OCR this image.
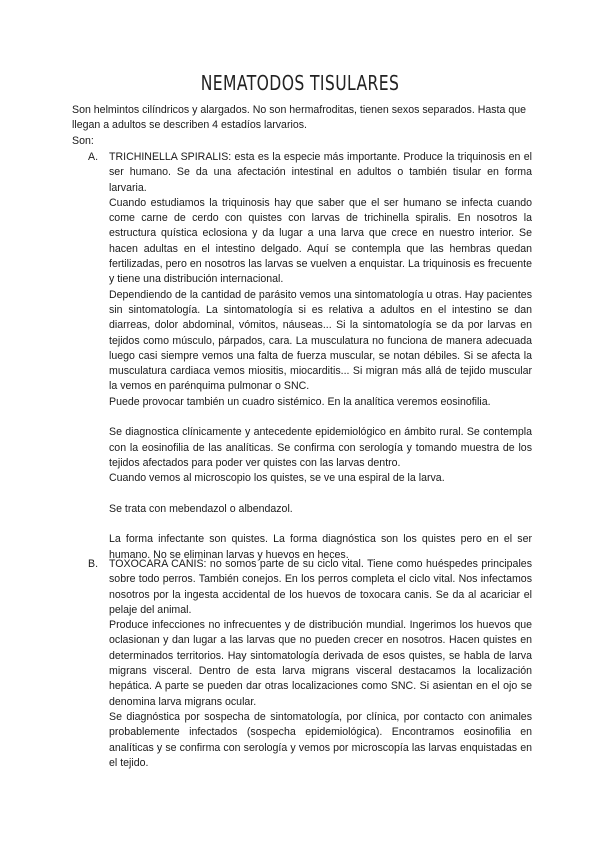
NEMATODOS TISULARES

Son helmintos cilíndricos y alargados. No son hermafroditas, tienen sexos separados. Hasta que llegan a adultos se describen 4 estadíos larvarios.

Son:

A. TRICHINELLA SPIRALIS: esta es la especie más importante. Produce la triquinosis en el ser humano. Se da una afectación intestinal en adultos o también tisular en forma larvaria.

Cuando estudiamos la triquinosis hay que saber que el ser humano se infecta cuando come carne de cerdo con quistes con larvas de trichinella spiralis. En nosotros la estructura quística eclosiona y da lugar a una larva que crece en nuestro interior. Se hacen adultas en el intestino delgado. Aquí se contempla que las hembras quedan fertilizadas, pero en nosotros las larvas se vuelven a enquistar. La triquinosis es frecuente y tiene una distribución internacional.

Dependiendo de la cantidad de parásito vemos una sintomatología u otras. Hay pacientes sin sintomatología. La sintomatología si es relativa a adultos en el intestino se dan diarreas, dolor abdominal, vómitos, náuseas... Si la sintomatología se da por larvas en tejidos como músculo, párpados, cara. La musculatura no funciona de manera adecuada luego casi siempre vemos una falta de fuerza muscular, se notan débiles. Si se afecta la musculatura cardiaca vemos miositis, miocarditis... Si migran más allá de tejido muscular la vemos en parénquima pulmonar o SNC.

Puede provocar también un cuadro sistémico. En la analítica veremos eosinofilia.

Se diagnostica clínicamente y antecedente epidemiológico en ámbito rural. Se contempla con la eosinofilia de las analíticas. Se confirma con serología y tomando muestra de los tejidos afectados para poder ver quistes con las larvas dentro.

Cuando vemos al microscopio los quistes, se ve una espiral de la larva.

Se trata con mebendazol o albendazol.

La forma infectante son quistes. La forma diagnóstica son los quistes pero en el ser humano. No se eliminan larvas y huevos en heces.

B. TOXOCARA CANIS: no somos parte de su ciclo vital. Tiene como huéspedes principales sobre todo perros. También conejos. En los perros completa el ciclo vital. Nos infectamos nosotros por la ingesta accidental de los huevos de toxocara canis. Se da al acariciar el pelaje del animal.

Produce infecciones no infrecuentes y de distribución mundial. Ingerimos los huevos que oclasionan y dan lugar a las larvas que no pueden crecer en nosotros. Hacen quistes en determinados territorios. Hay sintomatología derivada de esos quistes, se habla de larva migrans visceral. Dentro de esta larva migrans visceral destacamos la localización hepática. A parte se pueden dar otras localizaciones como SNC. Si asientan en el ojo se denomina larva migrans ocular.

Se diagnóstica por sospecha de sintomatología, por clínica, por contacto con animales probablemente infectados (sospecha epidemiológica). Encontramos eosinofilia en analíticas y se confirma con serología y vemos por microscopía las larvas enquistadas en el tejido.
